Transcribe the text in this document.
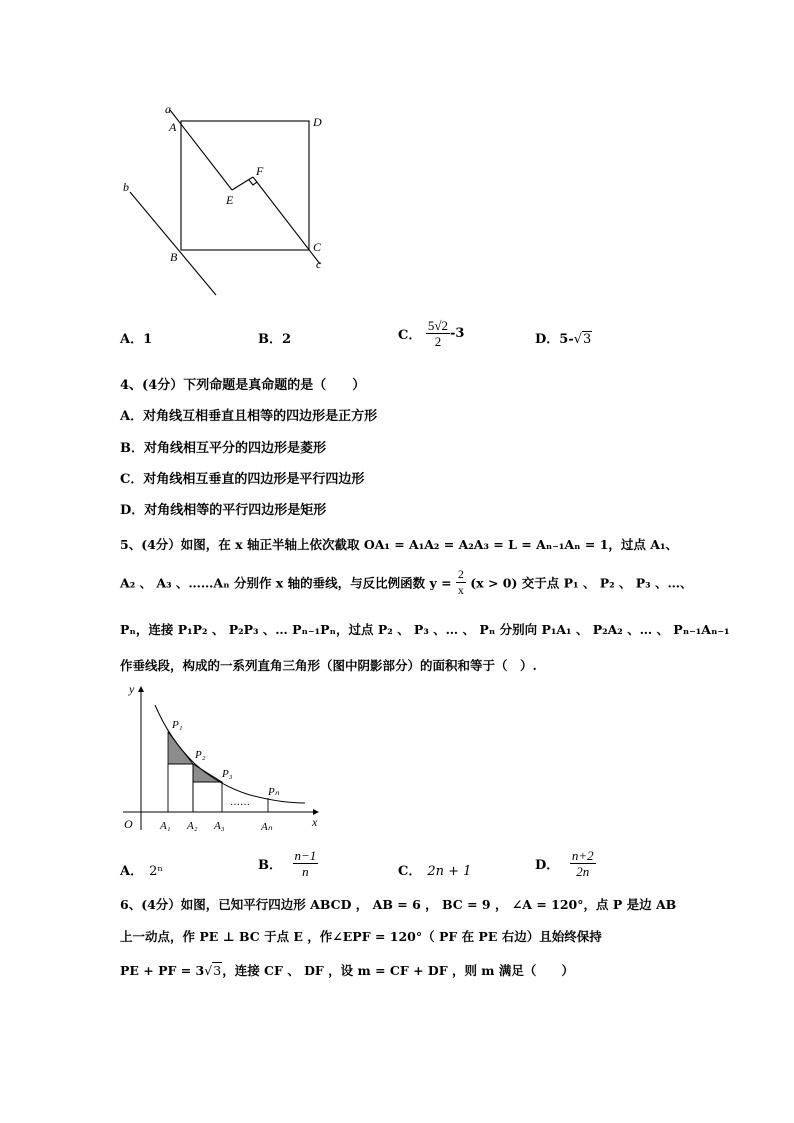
a
A	D
F
b
E
B
C
c
A．1	B．2	C． $\frac{5√2}{2} -3$	D．5-√3
4、(4分）下列命题是真命题的是（　　）
A．对角线互相垂直且相等的四边形是正方形
B．对角线相互平分的四边形是菱形
C．对角线相互垂直的四边形是平行四边形
D．对角线相等的平行四边形是矩形
5、(4分）如图，在 x 轴正半轴上依次截取 OA₁ = A₁A₂ = A₂A₃ = L = Aₙ₋₁Aₙ = 1，过点 A₁、
A₂ 、 A₃ 、……Aₙ 分别作 x 轴的垂线，与反比例函数 $y = \frac{2}{x} (x > 0)$ 交于点 P₁ 、 P₂ 、 P₃ 、…、
Pₙ，连接 P₁P₂ 、 P₂P₃ 、… Pₙ₋₁Pₙ，过点 P₂ 、 P₃ 、… 、 Pₙ 分别向 P₁A₁ 、 P₂A₂ 、… 、 Pₙ₋₁Aₙ₋₁
作垂线段，构成的一系列直角三角形（图中阴影部分）的面积和等于（　）.
y
O	x
P₁
P₂
P₃
Pₙ
A₁ A₂ A₃	Aₙ
……
A． 2ⁿ	B． $\frac{n-1}{n}$	C． 2n + 1	D． $\frac{n+2}{2n}$
6、(4分）如图，已知平行四边形 ABCD ， AB = 6 ， BC = 9 ， ∠A = 120°，点 P 是边 AB
上一动点，作 PE ⊥ BC 于点 E ，作∠EPF = 120°（ PF 在 PE 右边）且始终保持
PE + PF = 3√3，连接 CF 、 DF ，设 m = CF + DF ，则 m 满足（　　）
